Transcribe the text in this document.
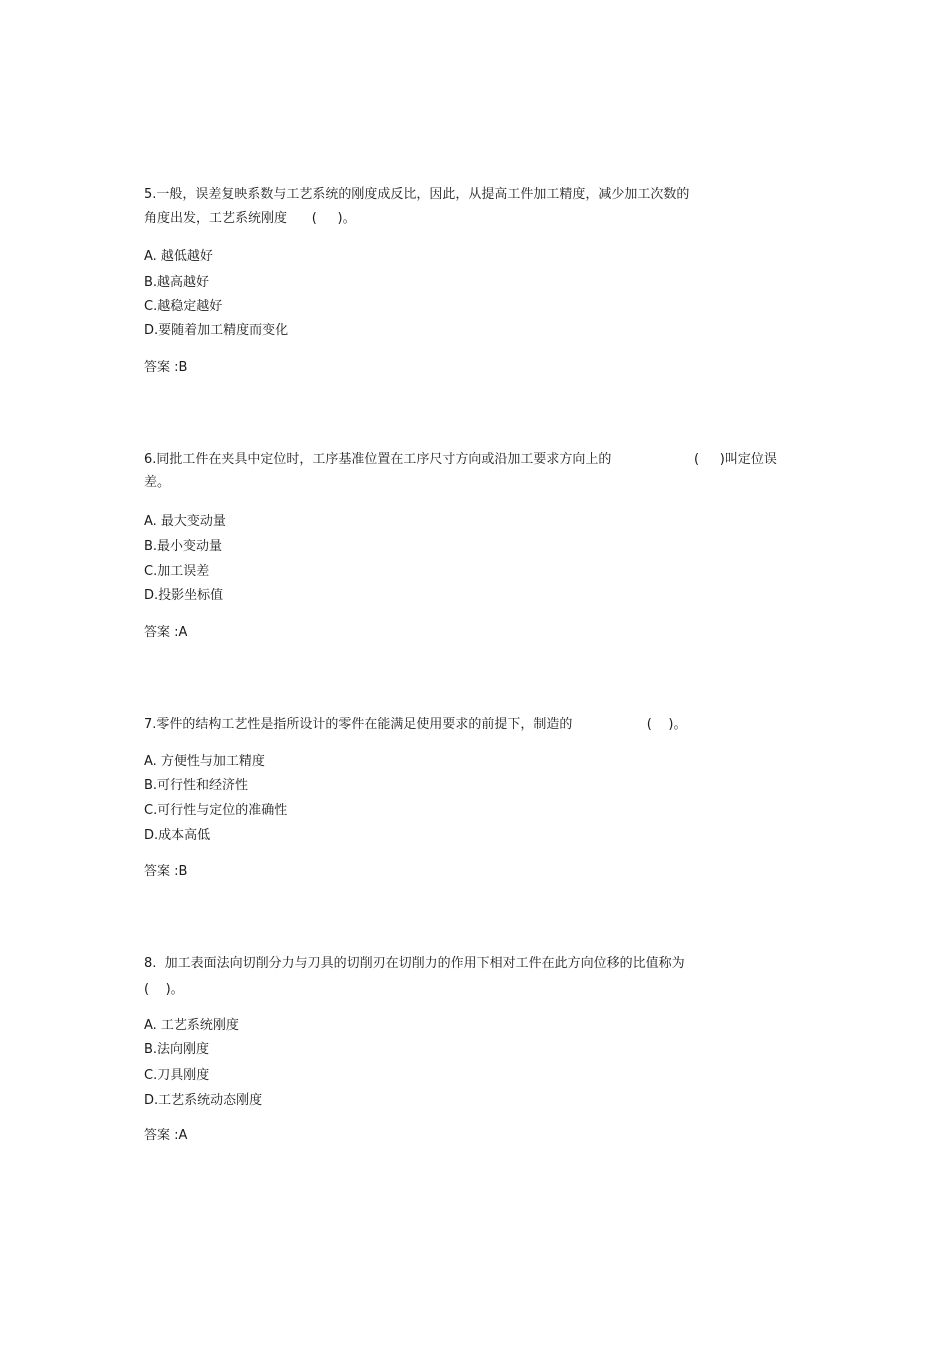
5.一般，误差复映系数与工艺系统的刚度成反比，因此，从提高工件加工精度，减少加工次数的
角度出发，工艺系统刚度      (     )。
A. 越低越好
B.越高越好
C.越稳定越好
D.要随着加工精度而变化
答案 :B
6.同批工件在夹具中定位时，工序基准位置在工序尺寸方向或沿加工要求方向上的                    (     )叫定位误
差。
A. 最大变动量
B.最小变动量
C.加工误差
D.投影坐标值
答案 :A
7.零件的结构工艺性是指所设计的零件在能满足使用要求的前提下，制造的                  (    )。
A. 方便性与加工精度
B.可行性和经济性
C.可行性与定位的准确性
D.成本高低
答案 :B
8.  加工表面法向切削分力与刀具的切削刃在切削力的作用下相对工件在此方向位移的比值称为
(    )。
A. 工艺系统刚度
B.法向刚度
C.刀具刚度
D.工艺系统动态刚度
答案 :A
